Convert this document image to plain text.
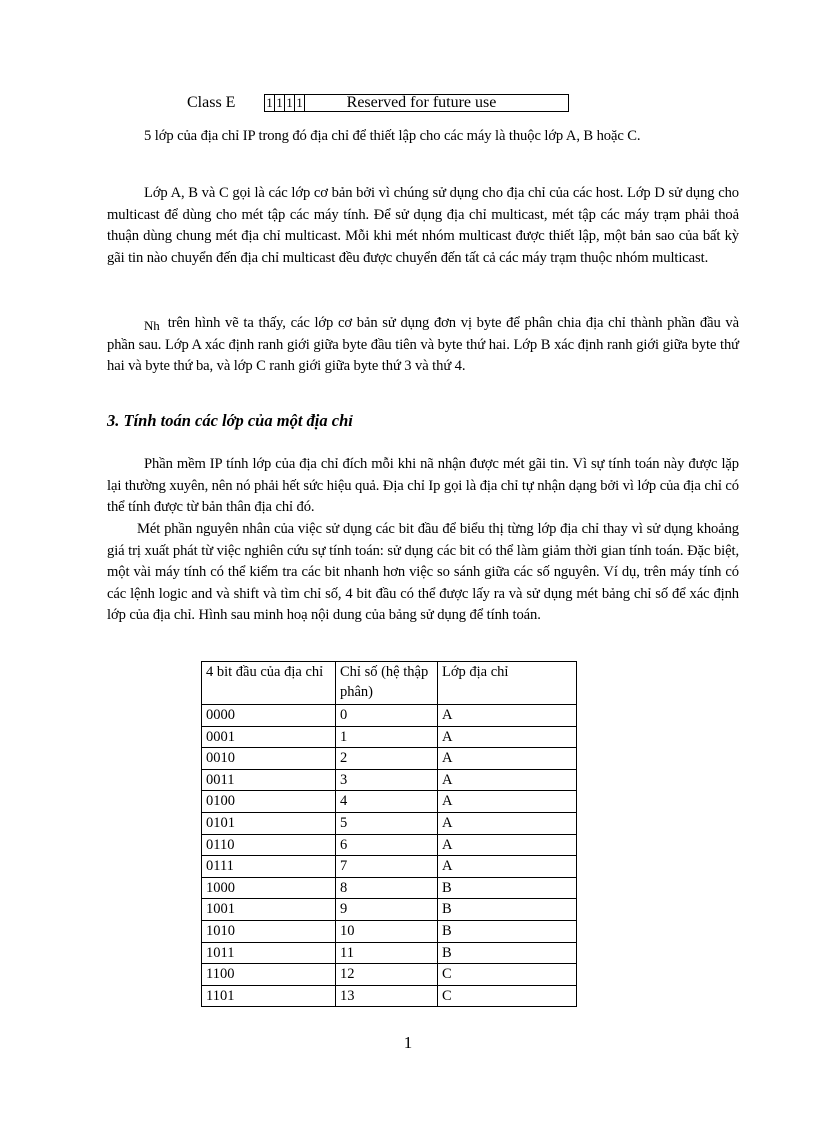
Class E	1 1 1 1	Reserved for future use
5 lớp của địa chỉ IP trong đó địa chỉ để thiết lập cho các máy là thuộc lớp A, B hoặc C.
Lớp A, B và C gọi là các lớp cơ bản bởi vì chúng sử dụng cho địa chỉ của các host. Lớp D sử dụng cho multicast để dùng cho mét tập các máy tính. Để sử dụng địa chỉ multicast, mét tập các máy trạm phải thoả thuận dùng chung mét địa chỉ multicast. Mỗi khi mét nhóm multicast được thiết lập, một bản sao của bất kỳ gãi tin nào chuyển đến địa chỉ multicast đều được chuyển đến tất cả các máy trạm thuộc nhóm multicast.
Nh trên hình vẽ ta thấy, các lớp cơ bản sử dụng đơn vị byte để phân chia địa chỉ thành phần đầu và phần sau. Lớp A xác định ranh giới giữa byte đầu tiên và byte thứ hai. Lớp B xác định ranh giới giữa byte thứ hai và byte thứ ba, và lớp C ranh giới giữa byte thứ 3 và thứ 4.
3. Tính toán các lớp của một địa chỉ
Phần mềm IP tính lớp của địa chỉ đích mỗi khi nã nhận được mét gãi tin. Vì sự tính toán này được lặp lại thường xuyên, nên nó phải hết sức hiệu quả. Địa chỉ Ip gọi là địa chỉ tự nhận dạng bởi vì lớp của địa chỉ có thể tính được từ bản thân địa chỉ đó.
Mét phần nguyên nhân của việc sử dụng các bit đầu để biểu thị từng lớp địa chỉ thay vì sử dụng khoảng giá trị xuất phát từ việc nghiên cứu sự tính toán: sử dụng các bit có thể làm giảm thời gian tính toán. Đặc biệt, một vài máy tính có thể kiểm tra các bit nhanh hơn việc so sánh giữa các số nguyên. Ví dụ, trên máy tính có các lệnh logic and và shift và tìm chỉ số, 4 bit đầu có thể được lấy ra và sử dụng mét bảng chỉ số để xác định lớp của địa chỉ. Hình sau minh hoạ nội dung của bảng sử dụng để tính toán.
4 bit đầu của địa chỉ	Chỉ số (hệ thập phân)	Lớp địa chỉ
0000	0	A
0001	1	A
0010	2	A
0011	3	A
0100	4	A
0101	5	A
0110	6	A
0111	7	A
1000	8	B
1001	9	B
1010	10	B
1011	11	B
1100	12	C
1101	13	C
1
